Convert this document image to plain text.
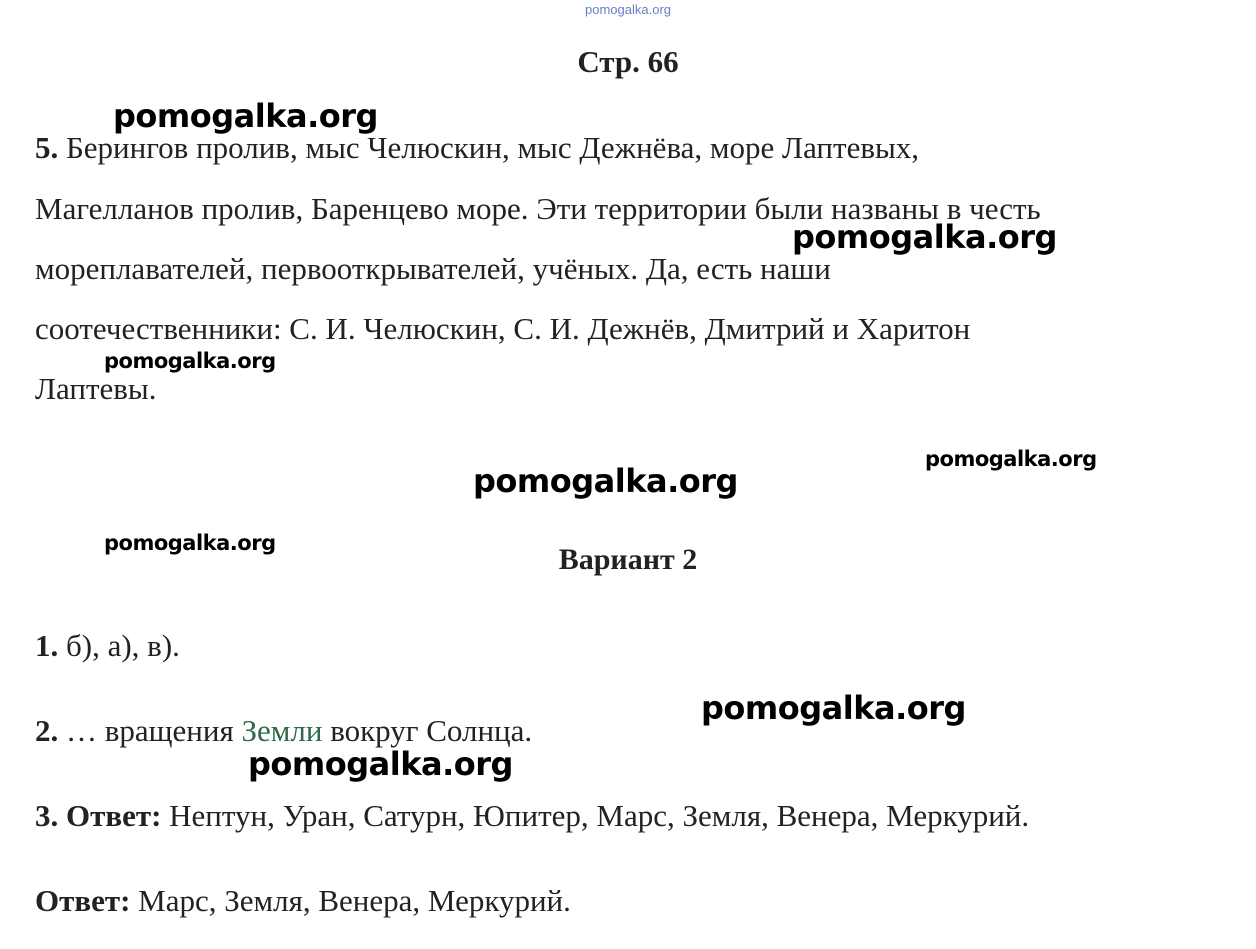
pomogalka.org
Стр. 66
5. Берингов пролив, мыс Челюскин, мыс Дежнёва, море Лаптевых,
Магелланов пролив, Баренцево море. Эти территории были названы в честь
мореплавателей, первооткрывателей, учёных. Да, есть наши
соотечественники: С. И. Челюскин, С. И. Дежнёв, Дмитрий и Харитон
Лаптевы.
Вариант 2
1. б), а), в).
2. … вращения Земли вокруг Солнца.
3. Ответ: Нептун, Уран, Сатурн, Юпитер, Марс, Земля, Венера, Меркурий.
Ответ: Марс, Земля, Венера, Меркурий.
pomogalka.org
pomogalka.org
pomogalka.org
pomogalka.org
pomogalka.org
pomogalka.org
pomogalka.org
pomogalka.org
